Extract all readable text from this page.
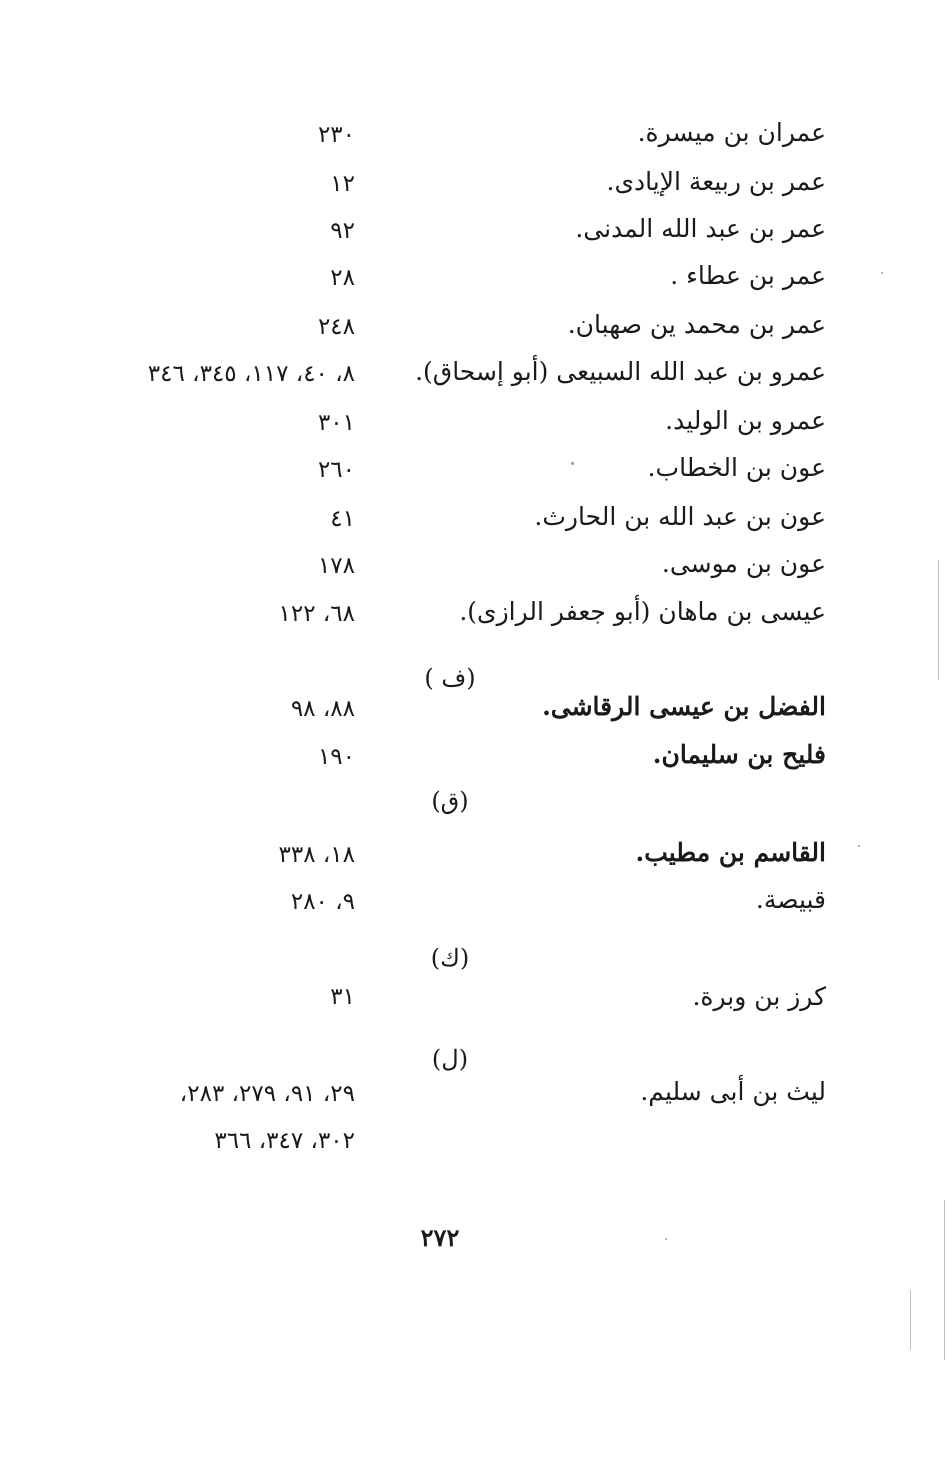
عمران بن ميسرة.
٢٣٠
عمر بن ربيعة الإيادى.
١٢
عمر بن عبد الله المدنى.
٩٢
عمر بن عطاء .
٢٨
عمر بن محمد ين صهبان.
٢٤٨
عمرو بن عبد الله السبيعى (أبو إسحاق).
٨، ٤٠، ١١٧، ٣٤٥، ٣٤٦
عمرو بن الوليد.
٣٠١
عون بن الخطاب.
٢٦٠
عون بن عبد الله بن الحارث.
٤١
عون بن موسى.
١٧٨
عيسى بن ماهان (أبو جعفر الرازى).
٦٨، ١٢٢
(ف )
الفضل بن عيسى الرقاشى.
٨٨، ٩٨
فليح بن سليمان.
١٩٠
(ق)
القاسم بن مطيب.
١٨، ٣٣٨
قبيصة.
٩، ٢٨٠
(ك)
كرز بن وبرة.
٣١
(ل)
ليث بن أبى سليم.
٢٩، ٩١، ٢٧٩، ٢٨٣،
٣٠٢، ٣٤٧، ٣٦٦
٢٧٢
